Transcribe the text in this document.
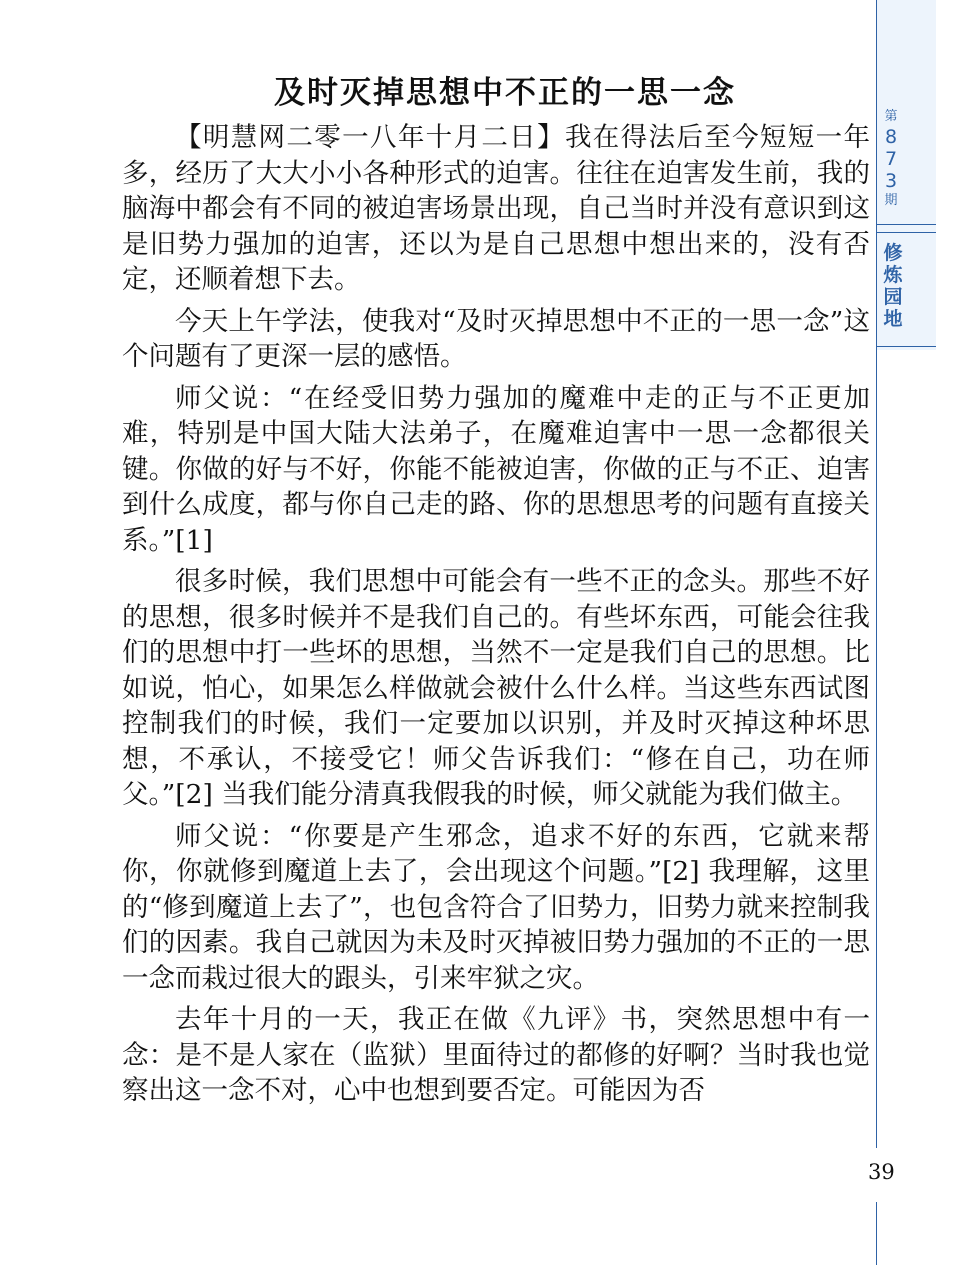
第
8
7
3
期
修
炼
园
地
及时灭掉思想中不正的一思一念

【明慧网二零一八年十月二日】我在得法后至今短短一年多，经历了大大小小各种形式的迫害。往往在迫害发生前，我的脑海中都会有不同的被迫害场景出现，自己当时并没有意识到这是旧势力强加的迫害，还以为是自己思想中想出来的，没有否定，还顺着想下去。

今天上午学法，使我对“及时灭掉思想中不正的一思一念”这个问题有了更深一层的感悟。

师父说：“在经受旧势力强加的魔难中走的正与不正更加难，特别是中国大陆大法弟子，在魔难迫害中一思一念都很关键。你做的好与不好，你能不能被迫害，你做的正与不正、迫害到什么成度，都与你自己走的路、你的思想思考的问题有直接关系。”[1]

很多时候，我们思想中可能会有一些不正的念头。那些不好的思想，很多时候并不是我们自己的。有些坏东西，可能会往我们的思想中打一些坏的思想，当然不一定是我们自己的思想。比如说，怕心，如果怎么样做就会被什么什么样。当这些东西试图控制我们的时候，我们一定要加以识别，并及时灭掉这种坏思想，不承认，不接受它！师父告诉我们：“修在自己，功在师父。”[2] 当我们能分清真我假我的时候，师父就能为我们做主。

师父说：“你要是产生邪念，追求不好的东西，它就来帮你，你就修到魔道上去了，会出现这个问题。”[2] 我理解，这里的“修到魔道上去了”，也包含符合了旧势力，旧势力就来控制我们的因素。我自己就因为未及时灭掉被旧势力强加的不正的一思一念而栽过很大的跟头，引来牢狱之灾。

去年十月的一天，我正在做《九评》书，突然思想中有一念：是不是人家在（监狱）里面待过的都修的好啊？当时我也觉察出这一念不对，心中也想到要否定。可能因为否

39
